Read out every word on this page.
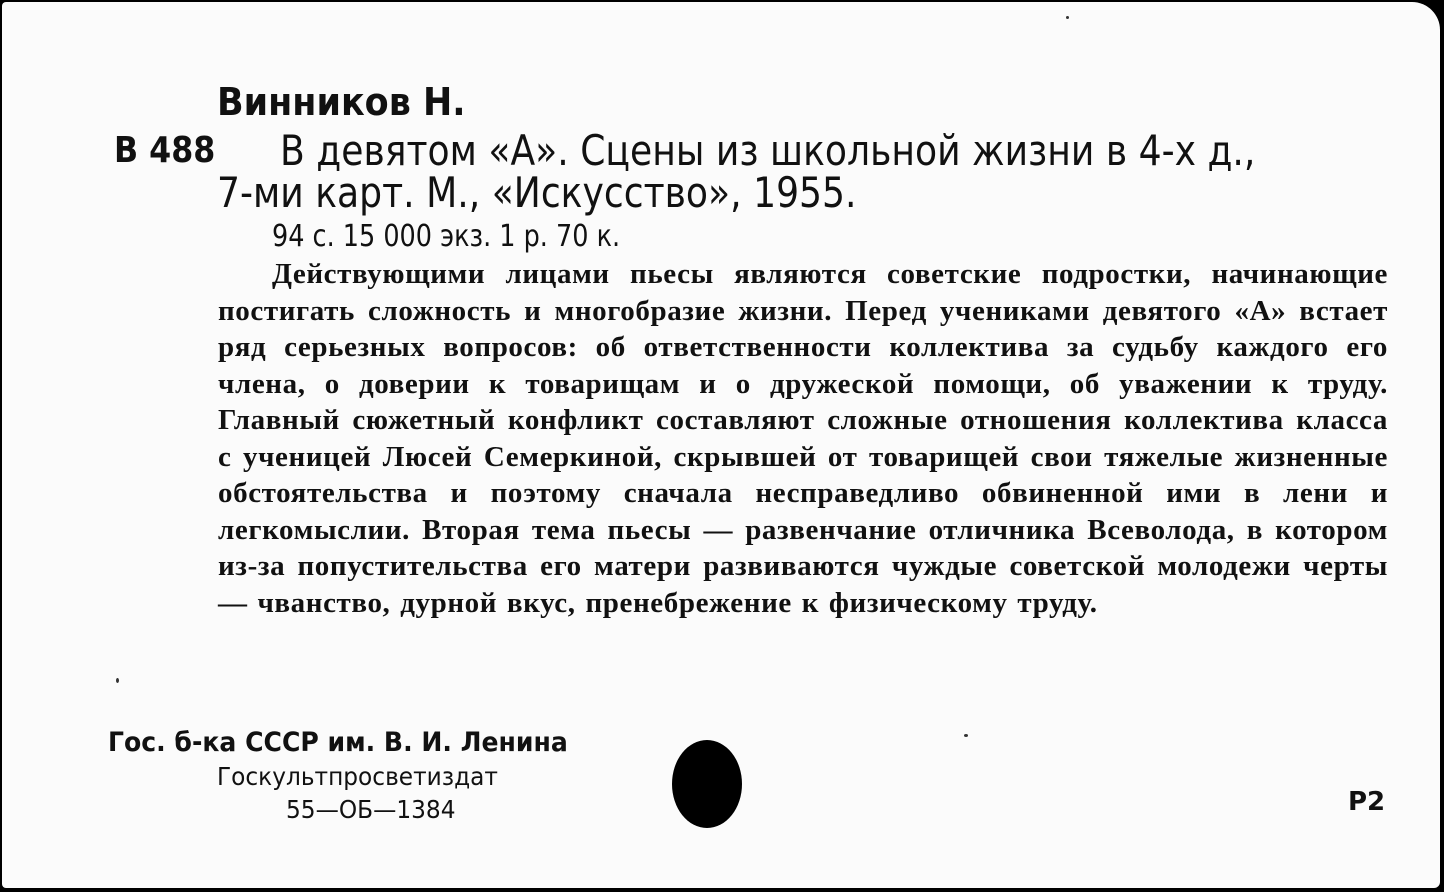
Винников Н.
В 488 В девятом «А». Сцены из школьной жизни в 4-х д.,
7-ми карт. М., «Искусство», 1955.
94 с. 15 000 экз. 1 р. 70 к.
Действующими лицами пьесы являются советские подростки, начинающие постигать сложность и многобразие жизни. Перед учениками девятого «А» встает ряд серьезных вопросов: об ответственности коллектива за судьбу каждого его члена, о доверии к товарищам и о дружеской помощи, об уважении к труду. Главный сюжетный конфликт составляют сложные отношения коллектива класса с ученицей Люсей Семеркиной, скрывшей от товарищей свои тяжелые жизненные обстоятельства и поэтому сначала несправедливо обвиненной ими в лени и легкомыслии. Вторая тема пьесы — развенчание отличника Всеволода, в котором из-за попустительства его матери развиваются чуждые советской молодежи черты — чванство, дурной вкус, пренебрежение к физическому труду.
Гос. б-ка СССР им. В. И. Ленина
Госкультпросветиздат
55—ОБ—1384	Р2
